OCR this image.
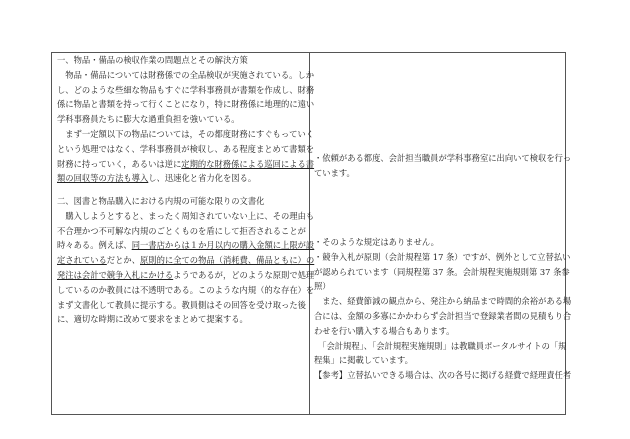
一、物品・備品の検収作業の問題点とその解決方策
　物品・備品については財務係での全品検収が実施されている。しか
し、どのような些細な物品もすぐに学科事務員が書類を作成し、財務
係に物品と書類を持って行くことになり，特に財務係に地理的に遠い
学科事務員たちに膨大な過重負担を強いている。
　まず一定額以下の物品については，その都度財務にすぐもっていく
という処理ではなく、学科事務員が検収し、ある程度まとめて書類を
財務に持っていく，あるいは逆に定期的な財務係による巡回による書
類の回収等の方法も導入し、迅速化と省力化を図る。
二、図書と物品購入における内規の可能な限りの文書化
　購入しようとすると、まったく周知されていない上に、その理由も
不合理かつ不可解な内規のごとくものを盾にして拒否されることが
時々ある。例えば、同一書店からは１か月以内の購入金額に上限が設
定されているだとか、原則的に全ての物品（消耗費、備品ともに）の
発注は会計で競争入札にかけるようであるが，どのような原則で処理
しているのか教員には不透明である。このような内規（的な存在）を
まず文書化して教員に提示する。教員側はその回答を受け取った後
に、適切な時期に改めて要求をまとめて提案する。
・依頼がある都度、会計担当職員が学科事務室に出向いて検収を行っ
ています。
・そのような規定はありません。
・競争入札が原則（会計規程第 17 条）ですが、例外として立替払い
が認められています（同規程第 37 条。会計規程実施規則第 37 条参
照）
　また、経費節減の観点から、発注から納品まで時間的余裕がある場
合には、金額の多寡にかかわらず会計担当で登録業者間の見積もり合
わせを行い購入する場合もあります。
　「会計規程」、「会計規程実施規則」は教職員ポータルサイトの「規
程集」に掲載しています。
【参考】立替払いできる場合は、次の各号に掲げる経費で経理責任者
